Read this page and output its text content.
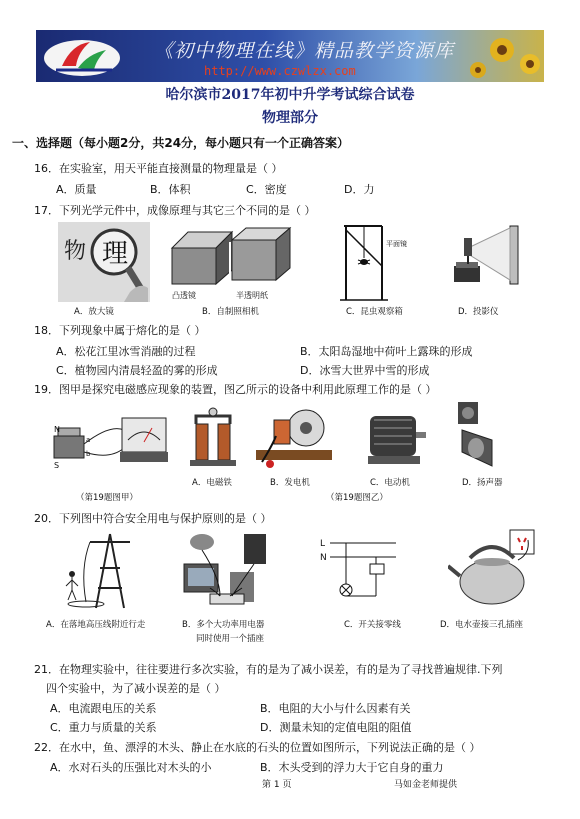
《初中物理在线》精品教学资源库
http://www.czwlzx.com
哈尔滨市2017年初中升学考试综合试卷
物理部分
一、选择题（每小题2分，共24分，每小题只有一个正确答案）
16．在实验室，用天平能直接测量的物理量是（ ）
A．质量	B．体积	C．密度	D．力
17．下列光学元件中，成像原理与其它三个不同的是（ ）
物 理
凸透镜	半透明纸
平面镜
A．放大镜	B．自制照相机	C．昆虫观察箱	D．投影仪
18．下列现象中属于熔化的是（ ）
A．松花江里冰雪消融的过程	B．太阳岛湿地中荷叶上露珠的形成
C．植物园内清晨轻盈的雾的形成	D．冰雪大世界中雪的形成
19．图甲是探究电磁感应现象的装置，图乙所示的设备中利用此原理工作的是（ ）
N
S
a
b
A．电磁铁	B．发电机	C．电动机	D．扬声器
（第19题图甲）	（第19题图乙）
20．下列图中符合安全用电与保护原则的是（ ）
L
N
A．在落地高压线附近行走	B．多个大功率用电器
同时使用一个插座
C．开关接零线	D．电水壶接三孔插座
21．在物理实验中，往往要进行多次实验，有的是为了减小误差，有的是为了寻找普遍规律.下列
四个实验中，为了减小误差的是（ ）
A．电流跟电压的关系	B．电阻的大小与什么因素有关
C．重力与质量的关系	D．测量未知的定值电阻的阻值
22．在水中，鱼、漂浮的木头、静止在水底的石头的位置如图所示，下列说法正确的是（ ）
A．水对石头的压强比对木头的小	B．木头受到的浮力大于它自身的重力
第 1 页	马如金老师提供
